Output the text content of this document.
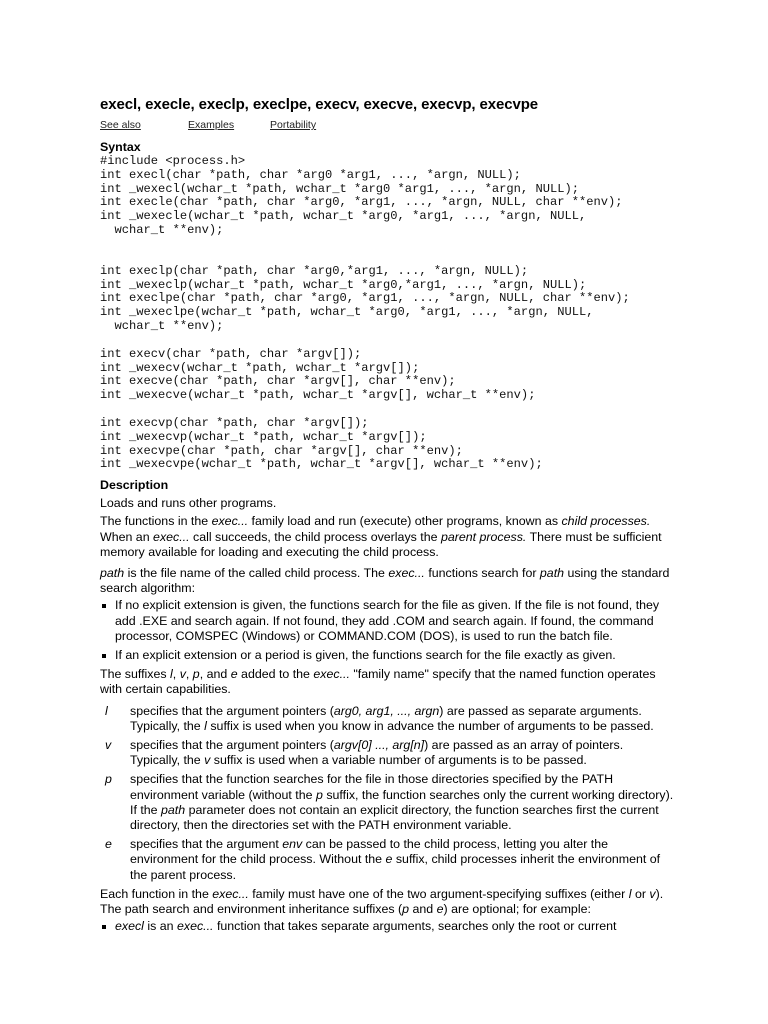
execl, execle, execlp, execlpe, execv, execve, execvp, execvpe
See also	Examples	Portability
Syntax
#include <process.h>
int execl(char *path, char *arg0 *arg1, ..., *argn, NULL);
int _wexecl(wchar_t *path, wchar_t *arg0 *arg1, ..., *argn, NULL);
int execle(char *path, char *arg0, *arg1, ..., *argn, NULL, char **env);
int _wexecle(wchar_t *path, wchar_t *arg0, *arg1, ..., *argn, NULL,
wchar_t **env);
int execlp(char *path, char *arg0,*arg1, ..., *argn, NULL);
int _wexeclp(wchar_t *path, wchar_t *arg0,*arg1, ..., *argn, NULL);
int execlpe(char *path, char *arg0, *arg1, ..., *argn, NULL, char **env);
int _wexeclpe(wchar_t *path, wchar_t *arg0, *arg1, ..., *argn, NULL,
wchar_t **env);
int execv(char *path, char *argv[]);
int _wexecv(wchar_t *path, wchar_t *argv[]);
int execve(char *path, char *argv[], char **env);
int _wexecve(wchar_t *path, wchar_t *argv[], wchar_t **env);
int execvp(char *path, char *argv[]);
int _wexecvp(wchar_t *path, wchar_t *argv[]);
int execvpe(char *path, char *argv[], char **env);
int _wexecvpe(wchar_t *path, wchar_t *argv[], wchar_t **env);
Description

Loads and runs other programs.

The functions in the exec... family load and run (execute) other programs, known as child processes. When an exec... call succeeds, the child process overlays the parent process. There must be sufficient memory available for loading and executing the child process.

path is the file name of the called child process. The exec... functions search for path using the standard search algorithm:

If no explicit extension is given, the functions search for the file as given. If the file is not found, they add .EXE and search again. If not found, they add .COM and search again. If found, the command processor, COMSPEC (Windows) or COMMAND.COM (DOS), is used to run the batch file.
If an explicit extension or a period is given, the functions search for the file exactly as given.

The suffixes l, v, p, and e added to the exec... "family name" specify that the named function operates with certain capabilities.

l	specifies that the argument pointers (arg0, arg1, ..., argn) are passed as separate arguments. Typically, the l suffix is used when you know in advance the number of arguments to be passed.
v	specifies that the argument pointers (argv[0] ..., arg[n]) are passed as an array of pointers. Typically, the v suffix is used when a variable number of arguments is to be passed.
p	specifies that the function searches for the file in those directories specified by the PATH environment variable (without the p suffix, the function searches only the current working directory). If the path parameter does not contain an explicit directory, the function searches first the current directory, then the directories set with the PATH environment variable.
e	specifies that the argument env can be passed to the child process, letting you alter the environment for the child process. Without the e suffix, child processes inherit the environment of the parent process.

Each function in the exec... family must have one of the two argument-specifying suffixes (either l or v). The path search and environment inheritance suffixes (p and e) are optional; for example:

execl is an exec... function that takes separate arguments, searches only the root or current
